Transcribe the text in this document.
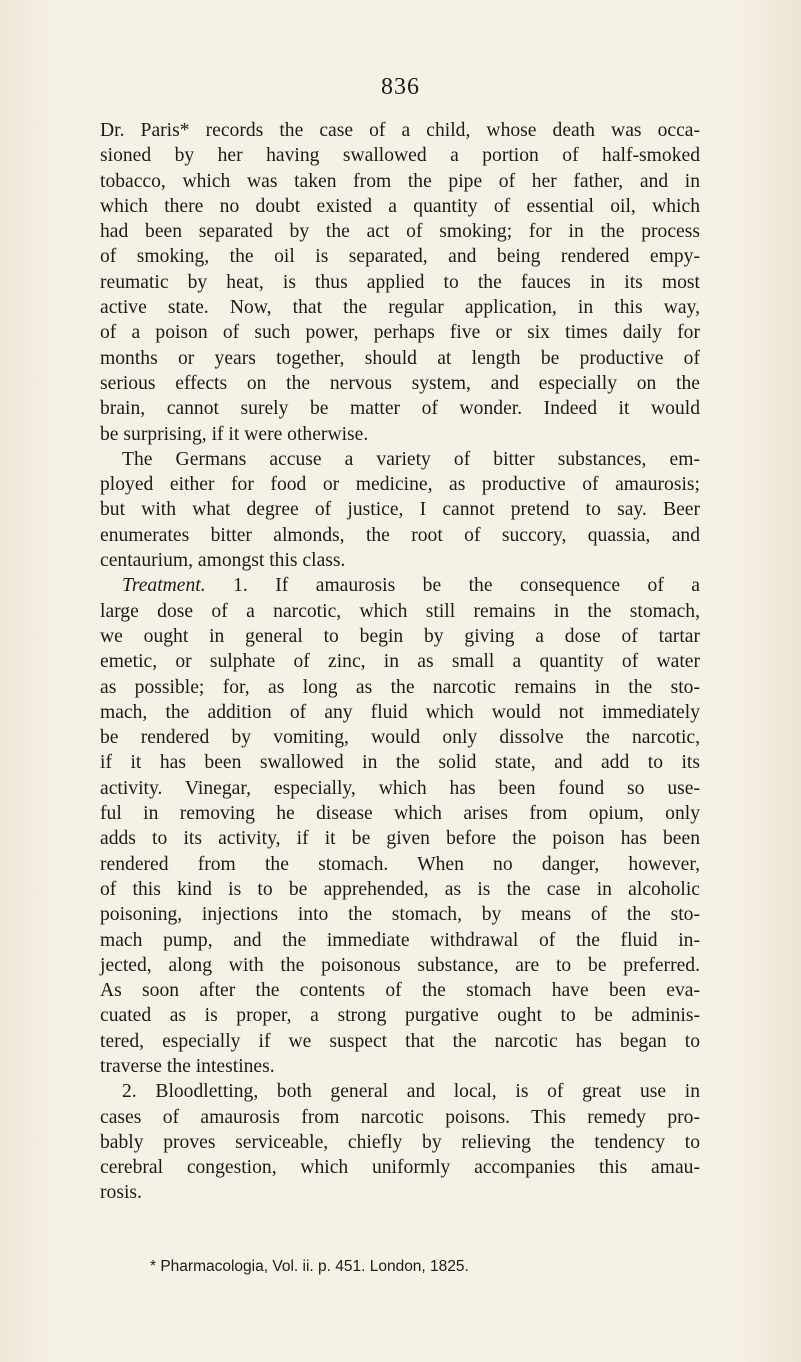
836
Dr. Paris* records the case of a child, whose death was occa-
sioned by her having swallowed a portion of half-smoked
tobacco, which was taken from the pipe of her father, and in
which there no doubt existed a quantity of essential oil, which
had been separated by the act of smoking; for in the process
of smoking, the oil is separated, and being rendered empy-
reumatic by heat, is thus applied to the fauces in its most
active state. Now, that the regular application, in this way,
of a poison of such power, perhaps five or six times daily for
months or years together, should at length be productive of
serious effects on the nervous system, and especially on the
brain, cannot surely be matter of wonder. Indeed it would
be surprising, if it were otherwise.
The Germans accuse a variety of bitter substances, em-
ployed either for food or medicine, as productive of amaurosis;
but with what degree of justice, I cannot pretend to say. Beer
enumerates bitter almonds, the root of succory, quassia, and
centaurium, amongst this class.
Treatment. 1. If amaurosis be the consequence of a
large dose of a narcotic, which still remains in the stomach,
we ought in general to begin by giving a dose of tartar
emetic, or sulphate of zinc, in as small a quantity of water
as possible; for, as long as the narcotic remains in the sto-
mach, the addition of any fluid which would not immediately
be rendered by vomiting, would only dissolve the narcotic,
if it has been swallowed in the solid state, and add to its
activity. Vinegar, especially, which has been found so use-
ful in removing he disease which arises from opium, only
adds to its activity, if it be given before the poison has been
rendered from the stomach. When no danger, however,
of this kind is to be apprehended, as is the case in alcoholic
poisoning, injections into the stomach, by means of the sto-
mach pump, and the immediate withdrawal of the fluid in-
jected, along with the poisonous substance, are to be preferred.
As soon after the contents of the stomach have been eva-
cuated as is proper, a strong purgative ought to be adminis-
tered, especially if we suspect that the narcotic has began to
traverse the intestines.
2. Bloodletting, both general and local, is of great use in
cases of amaurosis from narcotic poisons. This remedy pro-
bably proves serviceable, chiefly by relieving the tendency to
cerebral congestion, which uniformly accompanies this amau-
rosis.
* Pharmacologia, Vol. ii. p. 451. London, 1825.
